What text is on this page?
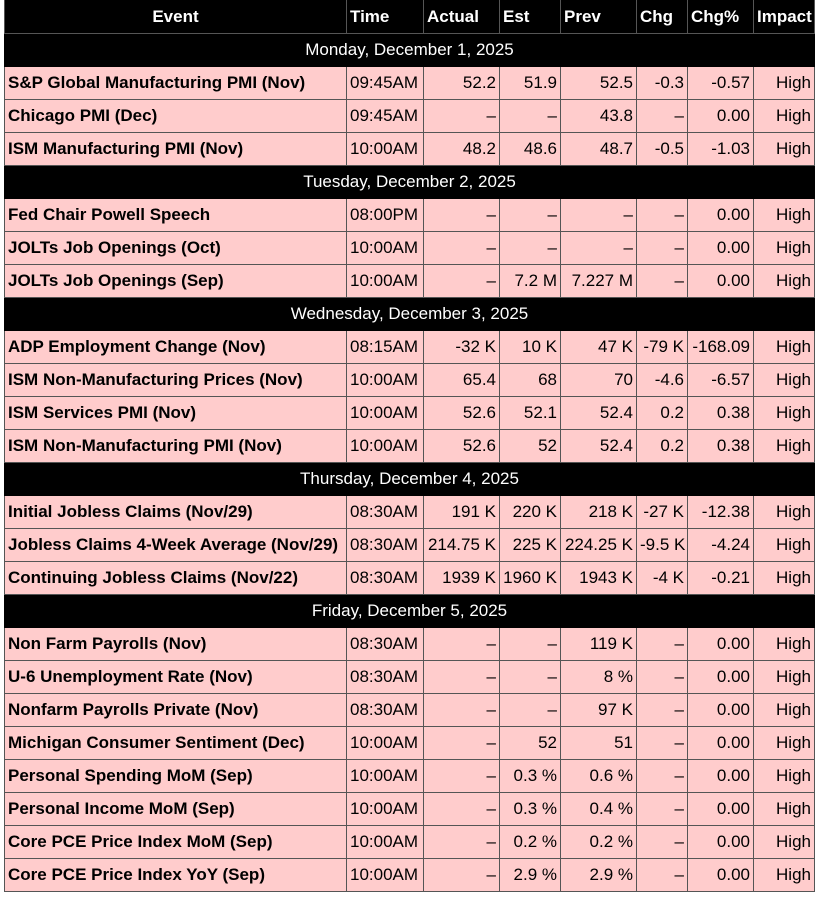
Event	Time	Actual	Est	Prev	Chg	Chg%	Impact
Monday, December 1, 2025							
S&P Global Manufacturing PMI (Nov)	09:45AM	52.2	51.9	52.5	-0.3	-0.57	High
Chicago PMI (Dec)	09:45AM	–	–	43.8	–	0.00	High
ISM Manufacturing PMI (Nov)	10:00AM	48.2	48.6	48.7	-0.5	-1.03	High
Tuesday, December 2, 2025							
Fed Chair Powell Speech	08:00PM	–	–	–	–	0.00	High
JOLTs Job Openings (Oct)	10:00AM	–	–	–	–	0.00	High
JOLTs Job Openings (Sep)	10:00AM	–	7.2 M	7.227 M	–	0.00	High
Wednesday, December 3, 2025							
ADP Employment Change (Nov)	08:15AM	-32 K	10 K	47 K	-79 K	-168.09	High
ISM Non-Manufacturing Prices (Nov)	10:00AM	65.4	68	70	-4.6	-6.57	High
ISM Services PMI (Nov)	10:00AM	52.6	52.1	52.4	0.2	0.38	High
ISM Non-Manufacturing PMI (Nov)	10:00AM	52.6	52	52.4	0.2	0.38	High
Thursday, December 4, 2025							
Initial Jobless Claims (Nov/29)	08:30AM	191 K	220 K	218 K	-27 K	-12.38	High
Jobless Claims 4-Week Average (Nov/29)	08:30AM	214.75 K	225 K	224.25 K	-9.5 K	-4.24	High
Continuing Jobless Claims (Nov/22)	08:30AM	1939 K	1960 K	1943 K	-4 K	-0.21	High
Friday, December 5, 2025							
Non Farm Payrolls (Nov)	08:30AM	–	–	119 K	–	0.00	High
U-6 Unemployment Rate (Nov)	08:30AM	–	–	8 %	–	0.00	High
Nonfarm Payrolls Private (Nov)	08:30AM	–	–	97 K	–	0.00	High
Michigan Consumer Sentiment (Dec)	10:00AM	–	52	51	–	0.00	High
Personal Spending MoM (Sep)	10:00AM	–	0.3 %	0.6 %	–	0.00	High
Personal Income MoM (Sep)	10:00AM	–	0.3 %	0.4 %	–	0.00	High
Core PCE Price Index MoM (Sep)	10:00AM	–	0.2 %	0.2 %	–	0.00	High
Core PCE Price Index YoY (Sep)	10:00AM	–	2.9 %	2.9 %	–	0.00	High
